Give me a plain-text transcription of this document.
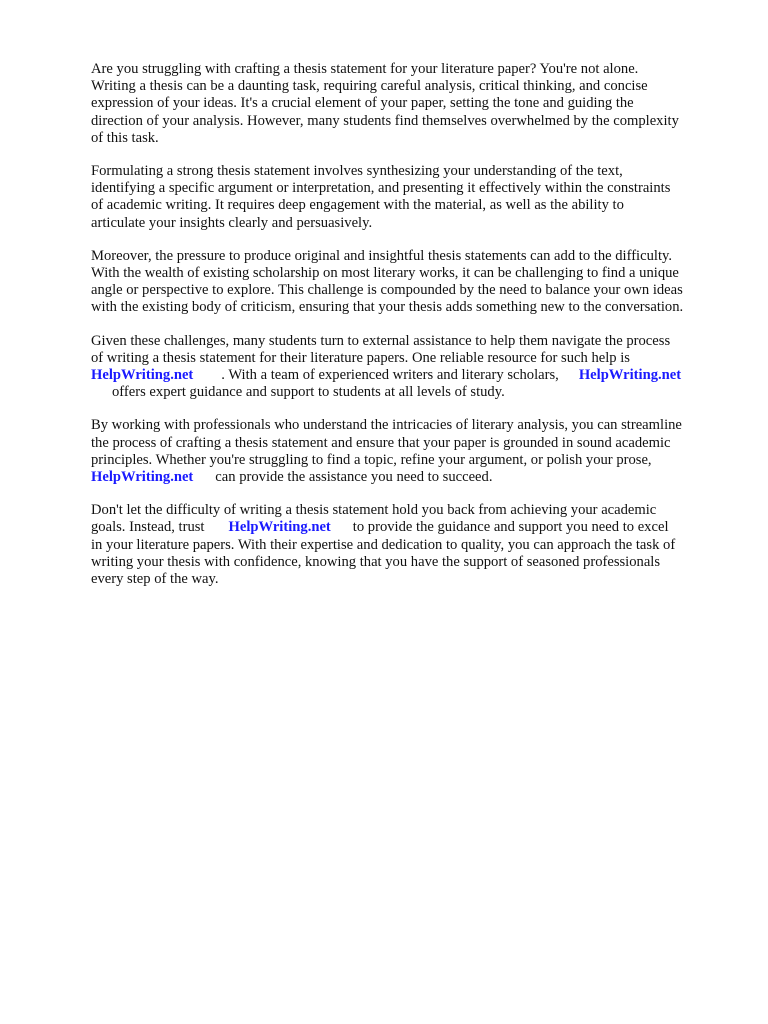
Are you struggling with crafting a thesis statement for your literature paper? You're not alone.
Writing a thesis can be a daunting task, requiring careful analysis, critical thinking, and concise
expression of your ideas. It's a crucial element of your paper, setting the tone and guiding the
direction of your analysis. However, many students find themselves overwhelmed by the complexity
of this task.

Formulating a strong thesis statement involves synthesizing your understanding of the text,
identifying a specific argument or interpretation, and presenting it effectively within the constraints
of academic writing. It requires deep engagement with the material, as well as the ability to
articulate your insights clearly and persuasively.

Moreover, the pressure to produce original and insightful thesis statements can add to the difficulty.
With the wealth of existing scholarship on most literary works, it can be challenging to find a unique
angle or perspective to explore. This challenge is compounded by the need to balance your own ideas
with the existing body of criticism, ensuring that your thesis adds something new to the conversation.

Given these challenges, many students turn to external assistance to help them navigate the process
of writing a thesis statement for their literature papers. One reliable resource for such help is
HelpWriting.net . With a team of experienced writers and literary scholars, HelpWriting.net
offers expert guidance and support to students at all levels of study.

By working with professionals who understand the intricacies of literary analysis, you can streamline
the process of crafting a thesis statement and ensure that your paper is grounded in sound academic
principles. Whether you're struggling to find a topic, refine your argument, or polish your prose,
HelpWriting.net can provide the assistance you need to succeed.

Don't let the difficulty of writing a thesis statement hold you back from achieving your academic
goals. Instead, trust HelpWriting.net to provide the guidance and support you need to excel
in your literature papers. With their expertise and dedication to quality, you can approach the task of
writing your thesis with confidence, knowing that you have the support of seasoned professionals
every step of the way.
